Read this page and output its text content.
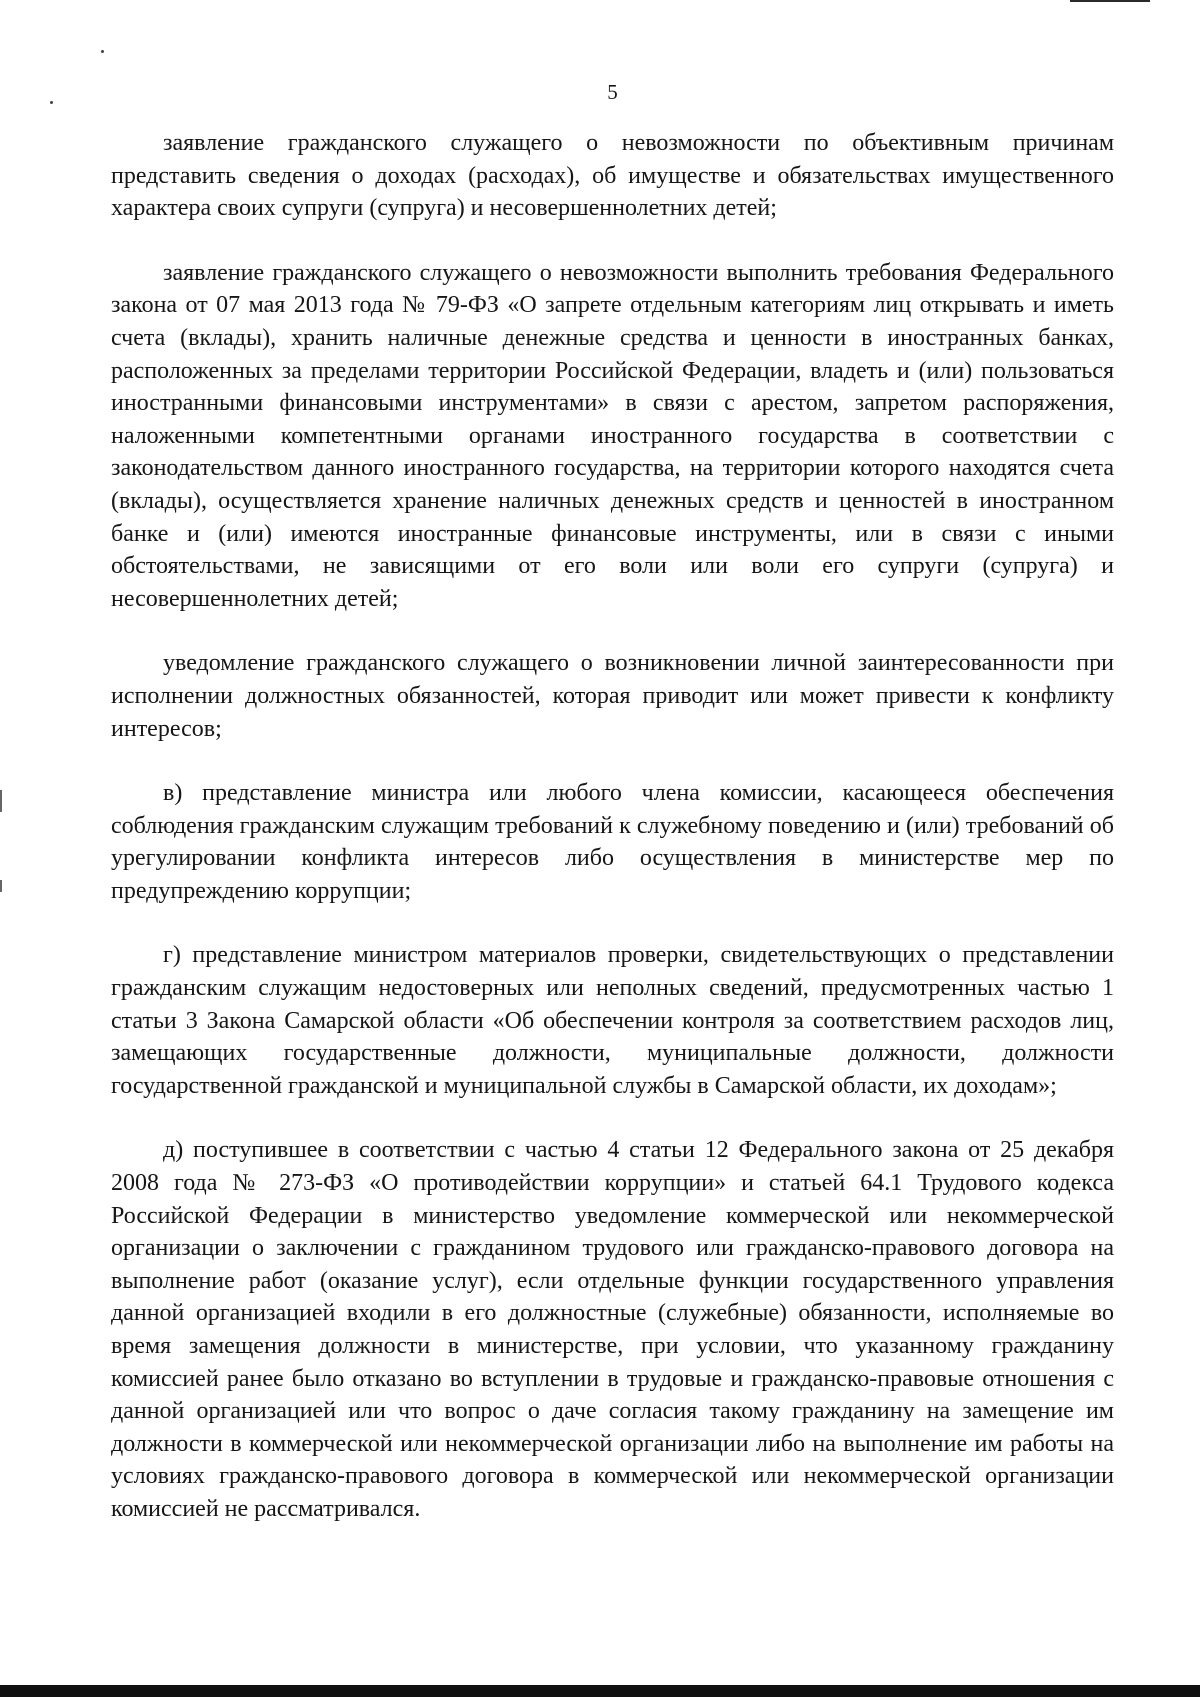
5

заявление гражданского служащего о невозможности по объективным причинам представить сведения о доходах (расходах), об имуществе и обязательствах имущественного характера своих супруги (супруга) и несовершеннолетних детей;

заявление гражданского служащего о невозможности выполнить требования Федерального закона от 07 мая 2013 года № 79-ФЗ «О запрете отдельным категориям лиц открывать и иметь счета (вклады), хранить наличные денежные средства и ценности в иностранных банках, расположенных за пределами территории Российской Федерации, владеть и (или) пользоваться иностранными финансовыми инструментами» в связи с арестом, запретом распоряжения, наложенными компетентными органами иностранного государства в соответствии с законодательством данного иностранного государства, на территории которого находятся счета (вклады), осуществляется хранение наличных денежных средств и ценностей в иностранном банке и (или) имеются иностранные финансовые инструменты, или в связи с иными обстоятельствами, не зависящими от его воли или воли его супруги (супруга) и несовершеннолетних детей;

уведомление гражданского служащего о возникновении личной заинтересованности при исполнении должностных обязанностей, которая приводит или может привести к конфликту интересов;

в) представление министра или любого члена комиссии, касающееся обеспечения соблюдения гражданским служащим требований к служебному поведению и (или) требований об урегулировании конфликта интересов либо осуществления в министерстве мер по предупреждению коррупции;

г) представление министром материалов проверки, свидетельствующих о представлении гражданским служащим недостоверных или неполных сведений, предусмотренных частью 1 статьи 3 Закона Самарской области «Об обеспечении контроля за соответствием расходов лиц, замещающих государственные должности, муниципальные должности, должности государственной гражданской и муниципальной службы в Самарской области, их доходам»;

д) поступившее в соответствии с частью 4 статьи 12 Федерального закона от 25 декабря 2008 года № 273-ФЗ «О противодействии коррупции» и статьей 64.1 Трудового кодекса Российской Федерации в министерство уведомление коммерческой или некоммерческой организации о заключении с гражданином трудового или гражданско-правового договора на выполнение работ (оказание услуг), если отдельные функции государственного управления данной организацией входили в его должностные (служебные) обязанности, исполняемые во время замещения должности в министерстве, при условии, что указанному гражданину комиссией ранее было отказано во вступлении в трудовые и гражданско-правовые отношения с данной организацией или что вопрос о даче согласия такому гражданину на замещение им должности в коммерческой или некоммерческой организации либо на выполнение им работы на условиях гражданско-правового договора в коммерческой или некоммерческой организации комиссией не рассматривался.
